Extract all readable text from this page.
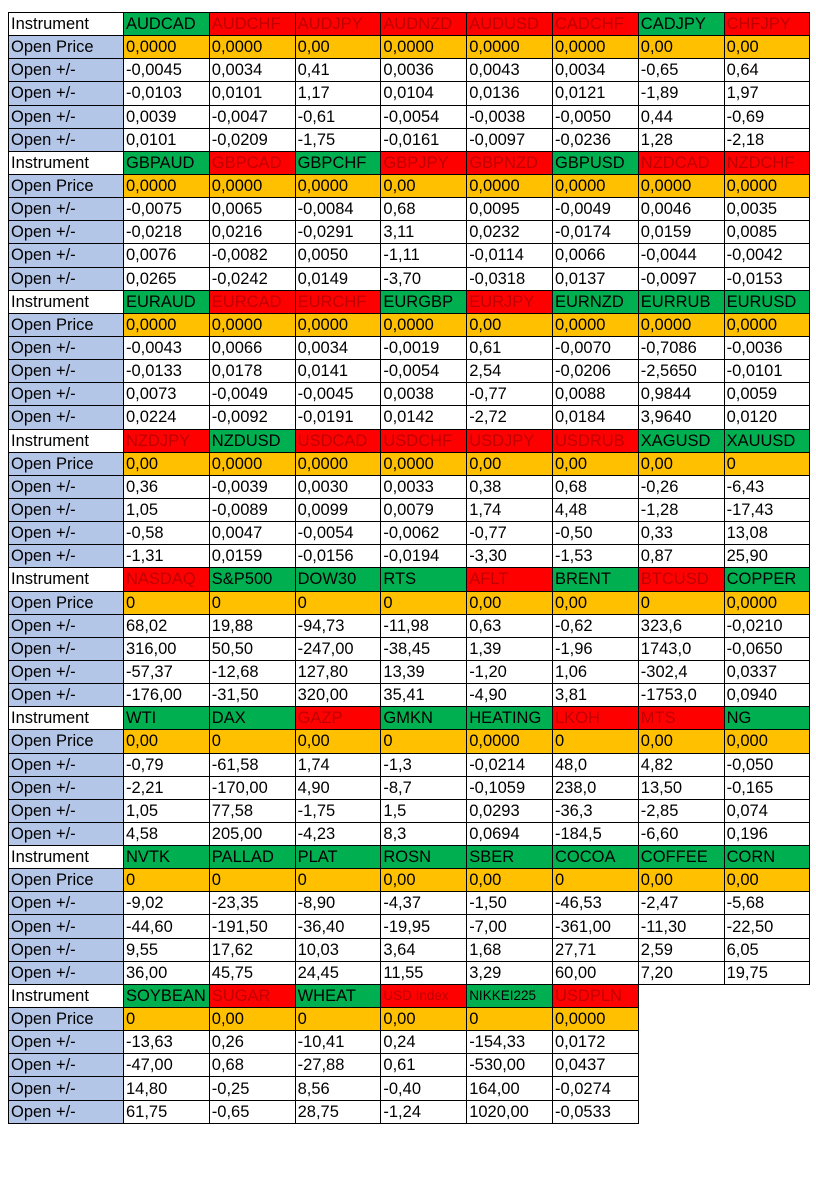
Instrument	AUDCAD	AUDCHF	AUDJPY	AUDNZD	AUDUSD	CADCHF	CADJPY	CHFJPY
Open Price	0,0000	0,0000	0,00	0,0000	0,0000	0,0000	0,00	0,00
Open +/-	-0,0045	0,0034	0,41	0,0036	0,0043	0,0034	-0,65	0,64
Open +/-	-0,0103	0,0101	1,17	0,0104	0,0136	0,0121	-1,89	1,97
Open +/-	0,0039	-0,0047	-0,61	-0,0054	-0,0038	-0,0050	0,44	-0,69
Open +/-	0,0101	-0,0209	-1,75	-0,0161	-0,0097	-0,0236	1,28	-2,18
Instrument	GBPAUD	GBPCAD	GBPCHF	GBPJPY	GBPNZD	GBPUSD	NZDCAD	NZDCHF
Open Price	0,0000	0,0000	0,0000	0,00	0,0000	0,0000	0,0000	0,0000
Open +/-	-0,0075	0,0065	-0,0084	0,68	0,0095	-0,0049	0,0046	0,0035
Open +/-	-0,0218	0,0216	-0,0291	3,11	0,0232	-0,0174	0,0159	0,0085
Open +/-	0,0076	-0,0082	0,0050	-1,11	-0,0114	0,0066	-0,0044	-0,0042
Open +/-	0,0265	-0,0242	0,0149	-3,70	-0,0318	0,0137	-0,0097	-0,0153
Instrument	EURAUD	EURCAD	EURCHF	EURGBP	EURJPY	EURNZD	EURRUB	EURUSD
Open Price	0,0000	0,0000	0,0000	0,0000	0,00	0,0000	0,0000	0,0000
Open +/-	-0,0043	0,0066	0,0034	-0,0019	0,61	-0,0070	-0,7086	-0,0036
Open +/-	-0,0133	0,0178	0,0141	-0,0054	2,54	-0,0206	-2,5650	-0,0101
Open +/-	0,0073	-0,0049	-0,0045	0,0038	-0,77	0,0088	0,9844	0,0059
Open +/-	0,0224	-0,0092	-0,0191	0,0142	-2,72	0,0184	3,9640	0,0120
Instrument	NZDJPY	NZDUSD	USDCAD	USDCHF	USDJPY	USDRUB	XAGUSD	XAUUSD
Open Price	0,00	0,0000	0,0000	0,0000	0,00	0,00	0,00	0
Open +/-	0,36	-0,0039	0,0030	0,0033	0,38	0,68	-0,26	-6,43
Open +/-	1,05	-0,0089	0,0099	0,0079	1,74	4,48	-1,28	-17,43
Open +/-	-0,58	0,0047	-0,0054	-0,0062	-0,77	-0,50	0,33	13,08
Open +/-	-1,31	0,0159	-0,0156	-0,0194	-3,30	-1,53	0,87	25,90
Instrument	NASDAQ	S&P500	DOW30	RTS	AFLT	BRENT	BTCUSD	COPPER
Open Price	0	0	0	0	0,00	0,00	0	0,0000
Open +/-	68,02	19,88	-94,73	-11,98	0,63	-0,62	323,6	-0,0210
Open +/-	316,00	50,50	-247,00	-38,45	1,39	-1,96	1743,0	-0,0650
Open +/-	-57,37	-12,68	127,80	13,39	-1,20	1,06	-302,4	0,0337
Open +/-	-176,00	-31,50	320,00	35,41	-4,90	3,81	-1753,0	0,0940
Instrument	WTI	DAX	GAZP	GMKN	HEATING	LKOH	MTS	NG
Open Price	0,00	0	0,00	0	0,0000	0	0,00	0,000
Open +/-	-0,79	-61,58	1,74	-1,3	-0,0214	48,0	4,82	-0,050
Open +/-	-2,21	-170,00	4,90	-8,7	-0,1059	238,0	13,50	-0,165
Open +/-	1,05	77,58	-1,75	1,5	0,0293	-36,3	-2,85	0,074
Open +/-	4,58	205,00	-4,23	8,3	0,0694	-184,5	-6,60	0,196
Instrument	NVTK	PALLAD	PLAT	ROSN	SBER	COCOA	COFFEE	CORN
Open Price	0	0	0	0,00	0,00	0	0,00	0,00
Open +/-	-9,02	-23,35	-8,90	-4,37	-1,50	-46,53	-2,47	-5,68
Open +/-	-44,60	-191,50	-36,40	-19,95	-7,00	-361,00	-11,30	-22,50
Open +/-	9,55	17,62	10,03	3,64	1,68	27,71	2,59	6,05
Open +/-	36,00	45,75	24,45	11,55	3,29	60,00	7,20	19,75
Instrument	SOYBEAN	SUGAR	WHEAT	USD Index	NIKKEI225	USDPLN		
Open Price	0	0,00	0	0,00	0	0,0000		
Open +/-	-13,63	0,26	-10,41	0,24	-154,33	0,0172		
Open +/-	-47,00	0,68	-27,88	0,61	-530,00	0,0437		
Open +/-	14,80	-0,25	8,56	-0,40	164,00	-0,0274		
Open +/-	61,75	-0,65	28,75	-1,24	1020,00	-0,0533		
